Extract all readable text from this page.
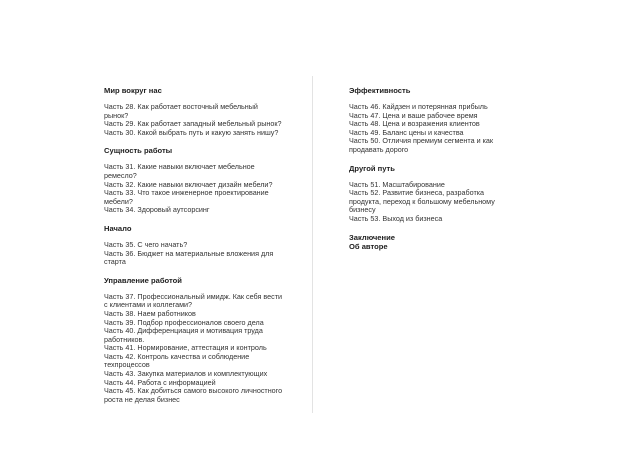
Мир вокруг нас
Часть 28. Как работает восточный мебельный рынок?
Часть 29. Как работает западный мебельный рынок?
Часть 30. Какой выбрать путь и какую занять нишу?
Сущность работы
Часть 31. Какие навыки включает мебельное ремесло?
Часть 32. Какие навыки включает дизайн мебели?
Часть 33. Что такое инженерное проектирование мебели?
Часть 34. Здоровый аутсорсинг
Начало
Часть 35. С чего начать?
Часть 36. Бюджет на материальные вложения для старта
Управление работой
Часть 37. Профессиональный имидж. Как себя вести с клиентами и коллегами?
Часть 38. Наем работников
Часть 39. Подбор профессионалов своего дела
Часть 40. Дифференциация и мотивация труда работников.
Часть 41. Нормирование, аттестация и контроль
Часть 42. Контроль качества и соблюдение техпроцессов
Часть 43. Закупка материалов и комплектующих
Часть 44. Работа с информацией
Часть 45. Как добиться самого высокого личностного роста не делая бизнес
Эффективность
Часть 46. Кайдзен и потерянная прибыль
Часть 47. Цена и ваше рабочее время
Часть 48. Цена и возражения клиентов
Часть 49. Баланс цены и качества
Часть 50. Отличия премиум сегмента и как продавать дорого
Другой путь
Часть 51. Масштабирование
Часть 52. Развитие бизнеса, разработка продукта, переход к большому мебельному бизнесу
Часть 53. Выход из бизнеса
Заключение
Об авторе
